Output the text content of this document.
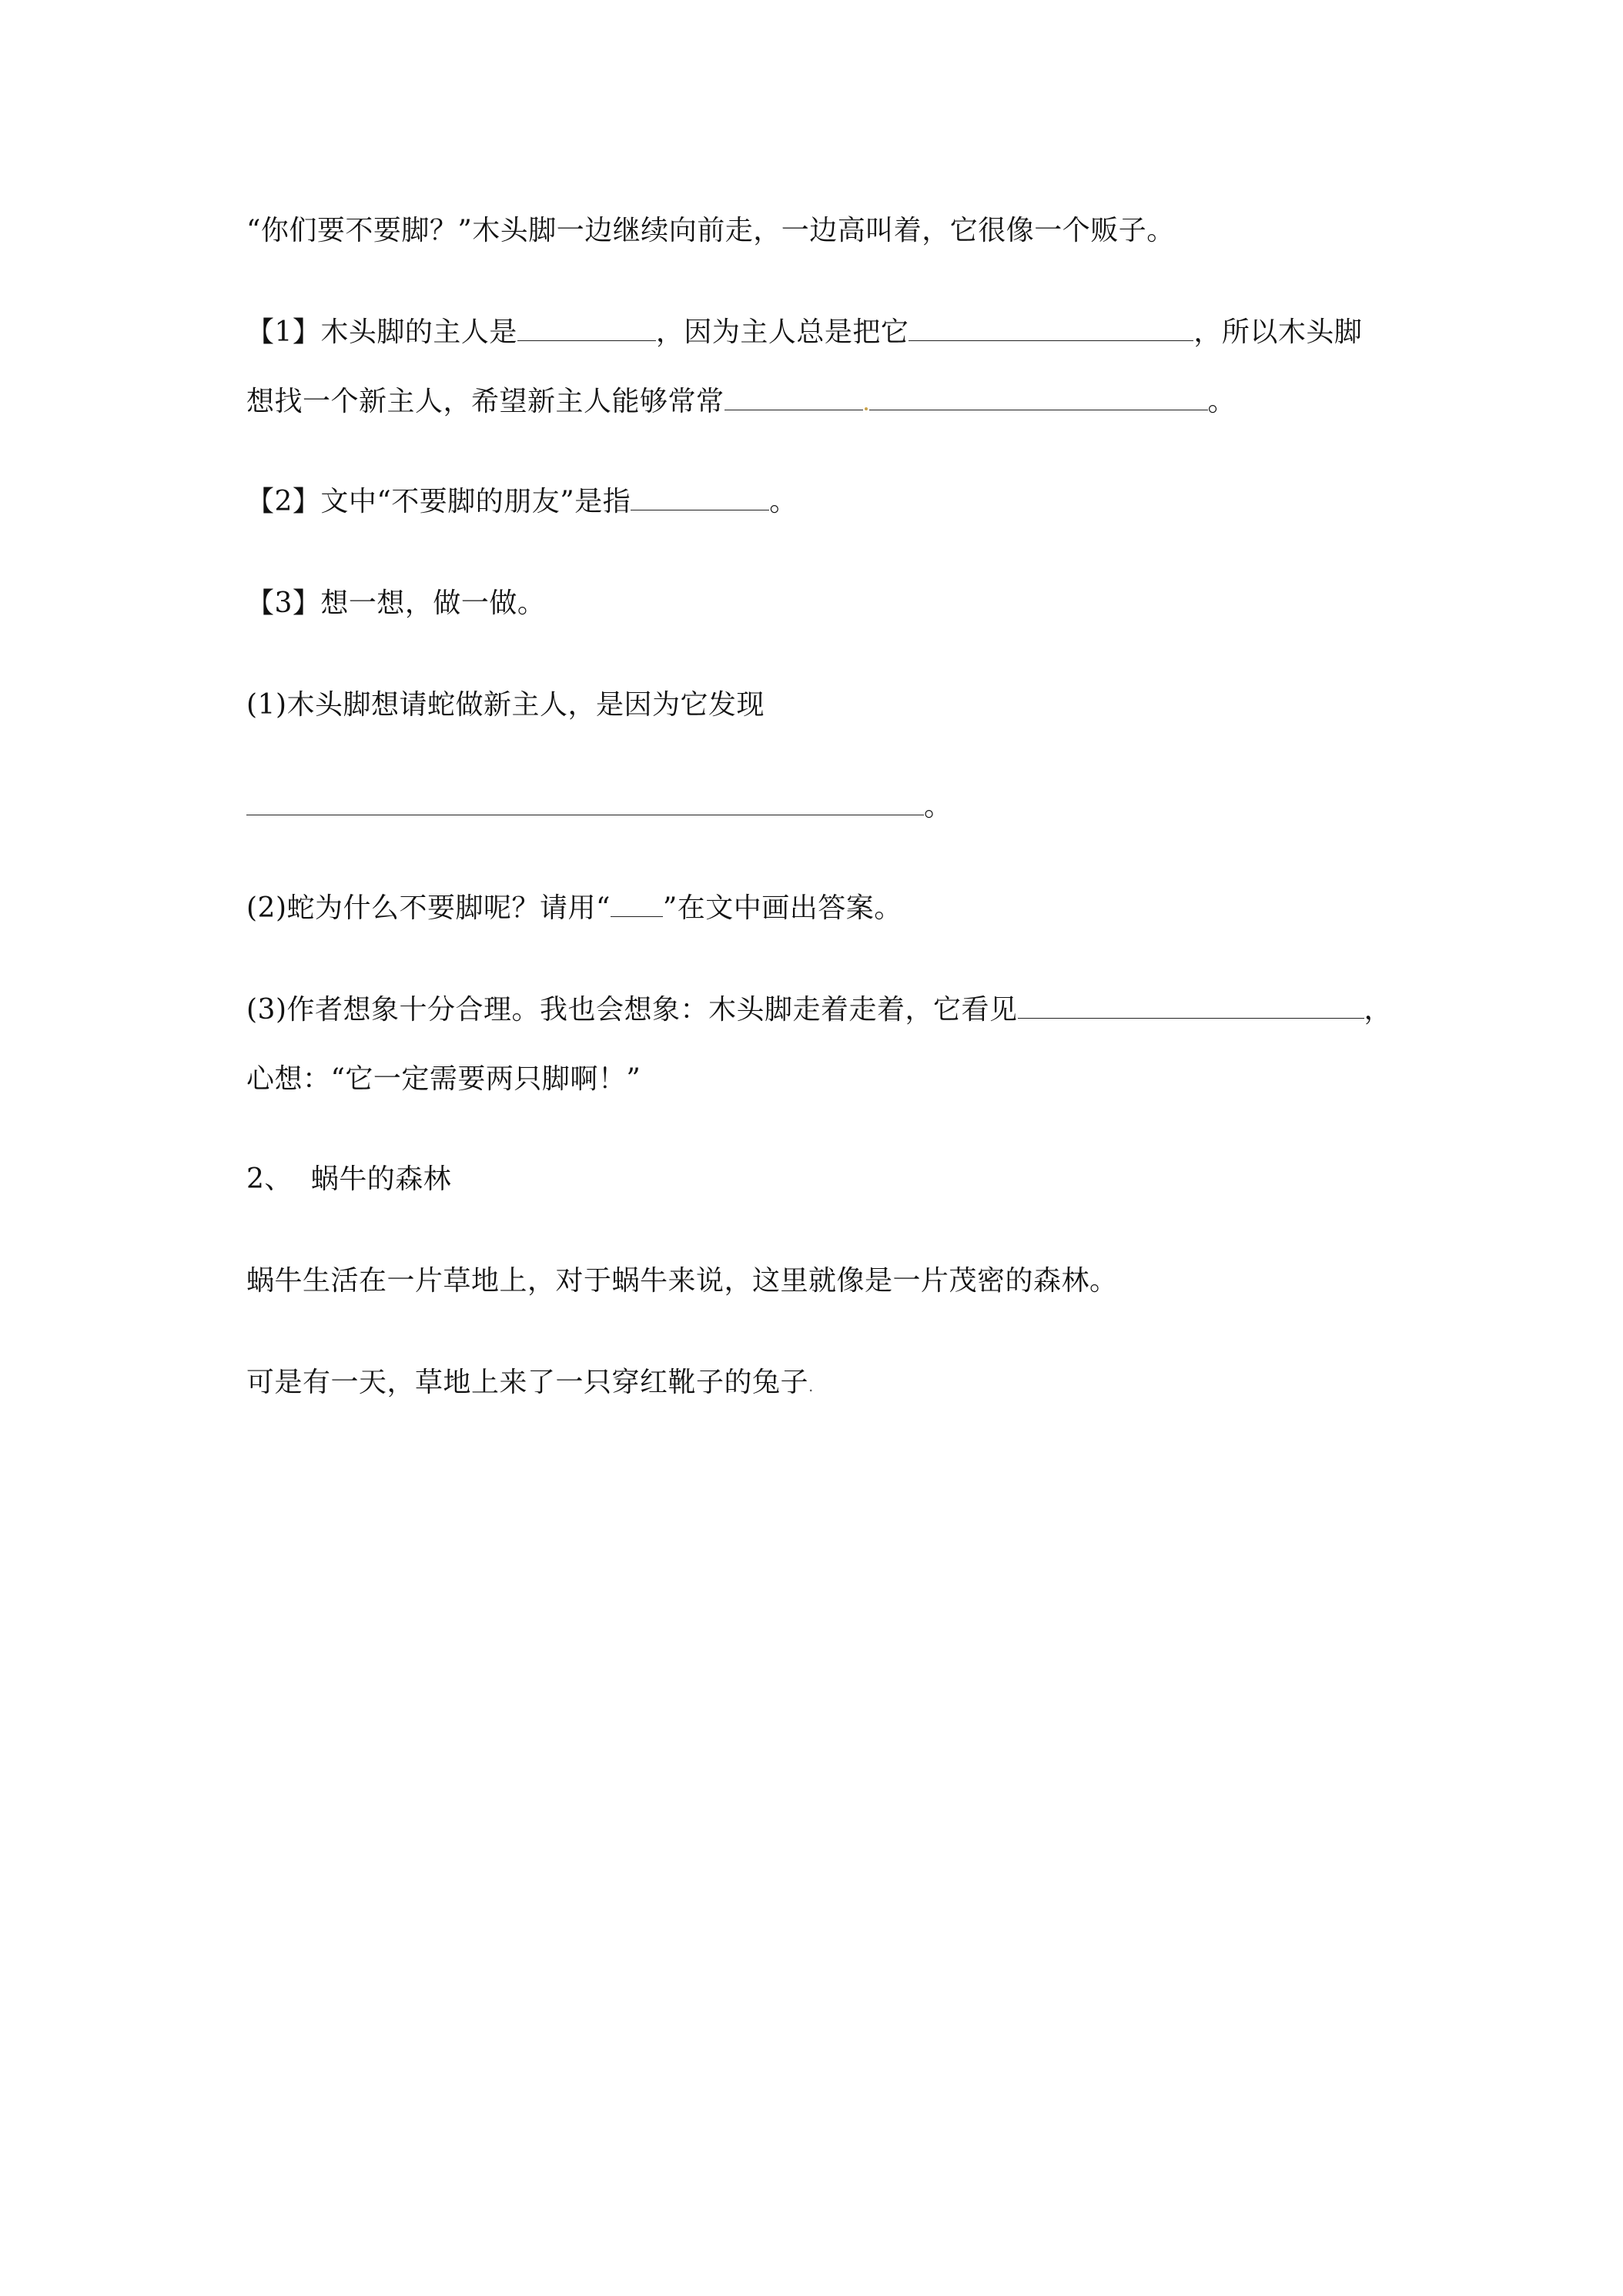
“你们要不要脚？”木头脚一边继续向前走，一边高叫着，它很像一个贩子。
【1】木头脚的主人是	，因为主人总是把它	，所以木头脚
想找一个新主人，希望新主人能够常常	。
【2】文中“不要脚的朋友”是指	。
【3】想一想，做一做。
(1)木头脚想请蛇做新主人，是因为它发现
。
(2)蛇为什么不要脚呢？请用“ ”在文中画出答案。
(3)作者想象十分合理。我也会想象：木头脚走着走着，它看见	，
心想：“它一定需要两只脚啊！”
2、  蜗牛的森林
蜗牛生活在一片草地上，对于蜗牛来说，这里就像是一片茂密的森林。
可是有一天，草地上来了一只穿红靴子的兔子.
